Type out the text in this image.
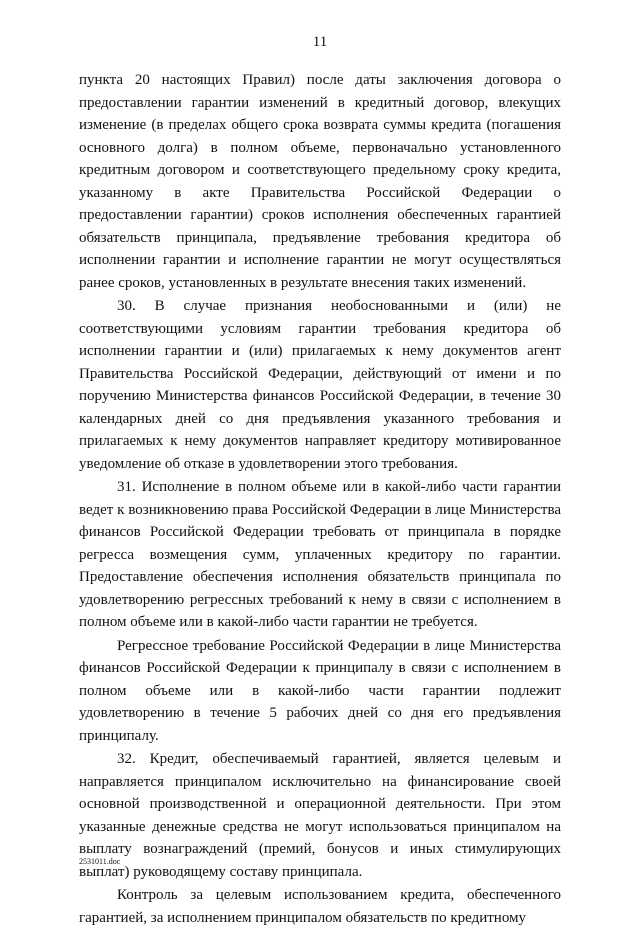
11

пункта 20 настоящих Правил) после даты заключения договора о предоставлении гарантии изменений в кредитный договор, влекущих изменение (в пределах общего срока возврата суммы кредита (погашения основного долга) в полном объеме, первоначально установленного кредитным договором и соответствующего предельному сроку кредита, указанному в акте Правительства Российской Федерации о предоставлении гарантии) сроков исполнения обеспеченных гарантией обязательств принципала, предъявление требования кредитора об исполнении гарантии и исполнение гарантии не могут осуществляться ранее сроков, установленных в результате внесения таких изменений.

30. В случае признания необоснованными и (или) не соответствующими условиям гарантии требования кредитора об исполнении гарантии и (или) прилагаемых к нему документов агент Правительства Российской Федерации, действующий от имени и по поручению Министерства финансов Российской Федерации, в течение 30 календарных дней со дня предъявления указанного требования и прилагаемых к нему документов направляет кредитору мотивированное уведомление об отказе в удовлетворении этого требования.

31. Исполнение в полном объеме или в какой-либо части гарантии ведет к возникновению права Российской Федерации в лице Министерства финансов Российской Федерации требовать от принципала в порядке регресса возмещения сумм, уплаченных кредитору по гарантии. Предоставление обеспечения исполнения обязательств принципала по удовлетворению регрессных требований к нему в связи с исполнением в полном объеме или в какой-либо части гарантии не требуется.

Регрессное требование Российской Федерации в лице Министерства финансов Российской Федерации к принципалу в связи с исполнением в полном объеме или в какой-либо части гарантии подлежит удовлетворению в течение 5 рабочих дней со дня его предъявления принципалу.

32. Кредит, обеспечиваемый гарантией, является целевым и направляется принципалом исключительно на финансирование своей основной производственной и операционной деятельности. При этом указанные денежные средства не могут использоваться принципалом на выплату вознаграждений (премий, бонусов и иных стимулирующих выплат) руководящему составу принципала.

Контроль за целевым использованием кредита, обеспеченного гарантией, за исполнением принципалом обязательств по кредитному

2531011.doc
